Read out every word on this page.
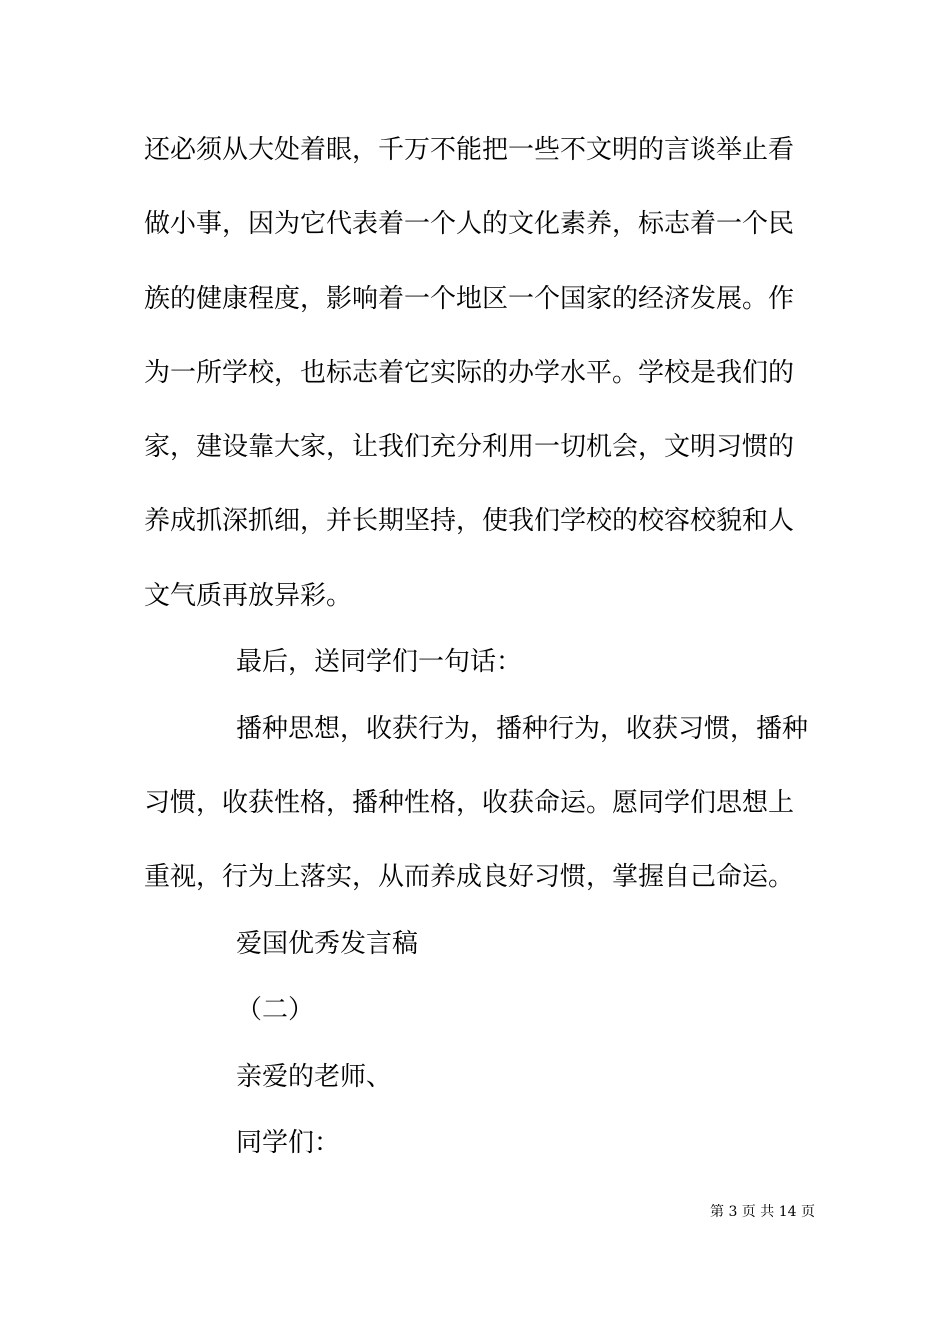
还必须从大处着眼，千万不能把一些不文明的言谈举止看
做小事，因为它代表着一个人的文化素养，标志着一个民
族的健康程度，影响着一个地区一个国家的经济发展。作
为一所学校，也标志着它实际的办学水平。学校是我们的
家，建设靠大家，让我们充分利用一切机会，文明习惯的
养成抓深抓细，并长期坚持，使我们学校的校容校貌和人
文气质再放异彩。
最后，送同学们一句话：
播种思想，收获行为，播种行为，收获习惯，播种
习惯，收获性格，播种性格，收获命运。愿同学们思想上
重视，行为上落实，从而养成良好习惯，掌握自己命运。
爱国优秀发言稿
（二）
亲爱的老师、
同学们：
第 3 页 共 14 页
